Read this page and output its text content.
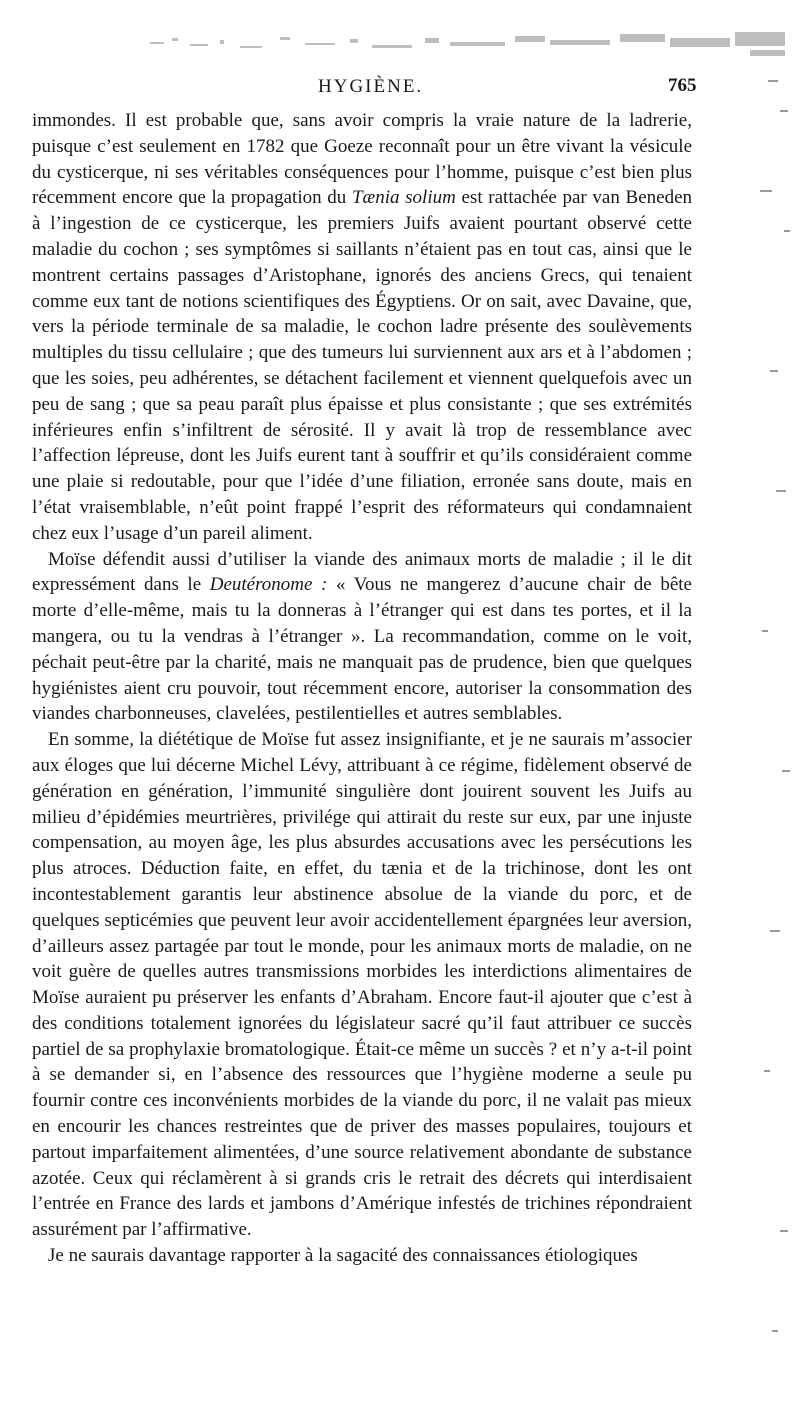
HYGIÈNE.	765

immondes. Il est probable que, sans avoir compris la vraie nature de la ladrerie, puisque c’est seulement en 1782 que Goeze reconnaît pour un être vivant la vésicule du cysticerque, ni ses véritables conséquences pour l’homme, puisque c’est bien plus récemment encore que la propagation du Tænia solium est rattachée par van Beneden à l’ingestion de ce cysticerque, les premiers Juifs avaient pourtant observé cette maladie du cochon ; ses symptômes si saillants n’étaient pas en tout cas, ainsi que le montrent certains passages d’Aristophane, ignorés des anciens Grecs, qui tenaient comme eux tant de notions scientifiques des Égyptiens. Or on sait, avec Davaine, que, vers la période terminale de sa maladie, le cochon ladre présente des soulèvements multiples du tissu cellulaire ; que des tumeurs lui surviennent aux ars et à l’abdomen ; que les soies, peu adhérentes, se détachent facilement et viennent quelquefois avec un peu de sang ; que sa peau paraît plus épaisse et plus consistante ; que ses extrémités inférieures enfin s’infiltrent de sérosité. Il y avait là trop de ressemblance avec l’affection lépreuse, dont les Juifs eurent tant à souffrir et qu’ils considéraient comme une plaie si redoutable, pour que l’idée d’une filiation, erronée sans doute, mais en l’état vraisemblable, n’eût point frappé l’esprit des réformateurs qui condamnaient chez eux l’usage d’un pareil aliment.

Moïse défendit aussi d’utiliser la viande des animaux morts de maladie ; il le dit expressément dans le Deutéronome : « Vous ne mangerez d’aucune chair de bête morte d’elle-même, mais tu la donneras à l’étranger qui est dans tes portes, et il la mangera, ou tu la vendras à l’étranger ». La recommandation, comme on le voit, péchait peut-être par la charité, mais ne manquait pas de prudence, bien que quelques hygiénistes aient cru pouvoir, tout récemment encore, autoriser la consommation des viandes charbonneuses, clavelées, pestilentielles et autres semblables.

En somme, la diététique de Moïse fut assez insignifiante, et je ne saurais m’associer aux éloges que lui décerne Michel Lévy, attribuant à ce régime, fidèlement observé de génération en génération, l’immunité singulière dont jouirent souvent les Juifs au milieu d’épidémies meurtrières, privilége qui attirait du reste sur eux, par une injuste compensation, au moyen âge, les plus absurdes accusations avec les persécutions les plus atroces. Déduction faite, en effet, du tænia et de la trichinose, dont les ont incontestablement garantis leur abstinence absolue de la viande du porc, et de quelques septicémies que peuvent leur avoir accidentellement épargnées leur aversion, d’ailleurs assez partagée par tout le monde, pour les animaux morts de maladie, on ne voit guère de quelles autres transmissions morbides les interdictions alimentaires de Moïse auraient pu préserver les enfants d’Abraham. Encore faut-il ajouter que c’est à des conditions totalement ignorées du législateur sacré qu’il faut attribuer ce succès partiel de sa prophylaxie bromatologique. Était-ce même un succès ? et n’y a-t-il point à se demander si, en l’absence des ressources que l’hygiène moderne a seule pu fournir contre ces inconvénients morbides de la viande du porc, il ne valait pas mieux en encourir les chances restreintes que de priver des masses populaires, toujours et partout imparfaitement alimentées, d’une source relativement abondante de substance azotée. Ceux qui réclamèrent à si grands cris le retrait des décrets qui interdisaient l’entrée en France des lards et jambons d’Amérique infestés de trichines répondraient assurément par l’affirmative.

Je ne saurais davantage rapporter à la sagacité des connaissances étiologiques
